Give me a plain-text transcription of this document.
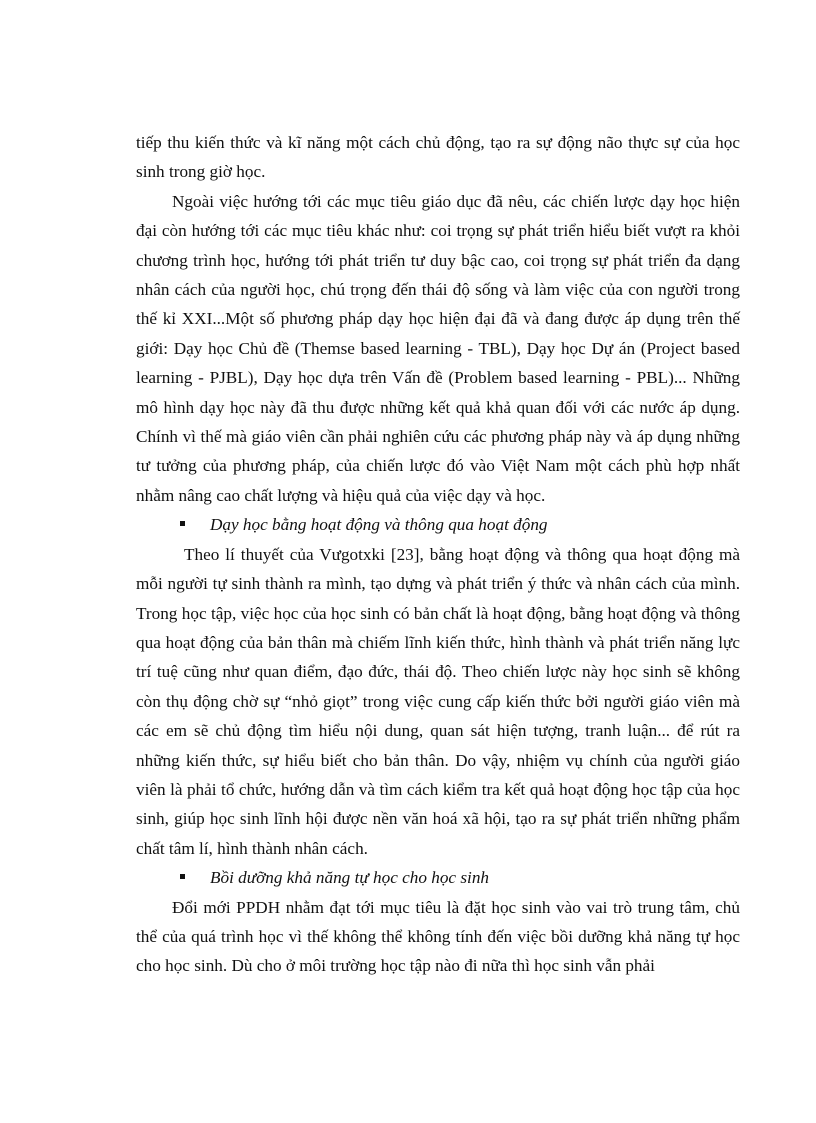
tiếp thu kiến thức và kĩ năng một cách chủ động, tạo ra sự động não thực sự của học sinh trong giờ học.

Ngoài việc hướng tới các mục tiêu giáo dục đã nêu, các chiến lược dạy học hiện đại còn hướng tới các mục tiêu khác như: coi trọng sự phát triển hiểu biết vượt ra khỏi chương trình học, hướng tới phát triển tư duy bậc cao, coi trọng sự phát triển đa dạng nhân cách của người học, chú trọng đến thái độ sống và làm việc của con người trong thế kỉ XXI...Một số phương pháp dạy học hiện đại đã và đang được áp dụng trên thế giới: Dạy học Chủ đề (Themse based learning - TBL), Dạy học Dự án (Project based learning - PJBL), Dạy học dựa trên Vấn đề (Problem based learning - PBL)... Những mô hình dạy học này đã thu được những kết quả khả quan đối với các nước áp dụng. Chính vì thế mà giáo viên cần phải nghiên cứu các phương pháp này và áp dụng những tư tưởng của phương pháp, của chiến lược đó vào Việt Nam một cách phù hợp nhất nhằm nâng cao chất lượng và hiệu quả của việc dạy và học.

Dạy học bằng hoạt động và thông qua hoạt động

Theo lí thuyết của Vưgotxki [23], bằng hoạt động và thông qua hoạt động mà mỗi người tự sinh thành ra mình, tạo dựng và phát triển ý thức và nhân cách của mình. Trong học tập, việc học của học sinh có bản chất là hoạt động, bằng hoạt động và thông qua hoạt động của bản thân mà chiếm lĩnh kiến thức, hình thành và phát triển năng lực trí tuệ cũng như quan điểm, đạo đức, thái độ. Theo chiến lược này học sinh sẽ không còn thụ động chờ sự “nhỏ giọt” trong việc cung cấp kiến thức bởi người giáo viên mà các em sẽ chủ động tìm hiểu nội dung, quan sát hiện tượng, tranh luận... để rút ra những kiến thức, sự hiểu biết cho bản thân. Do vậy, nhiệm vụ chính của người giáo viên là phải tổ chức, hướng dẫn và tìm cách kiểm tra kết quả hoạt động học tập của học sinh, giúp học sinh lĩnh hội được nền văn hoá xã hội, tạo ra sự phát triển những phẩm chất tâm lí, hình thành nhân cách.

Bồi dưỡng khả năng tự học cho học sinh

Đổi mới PPDH nhằm đạt tới mục tiêu là đặt học sinh vào vai trò trung tâm, chủ thể của quá trình học vì thế không thể không tính đến việc bồi dưỡng khả năng tự học cho học sinh. Dù cho ở môi trường học tập nào đi nữa thì học sinh vẫn phải
